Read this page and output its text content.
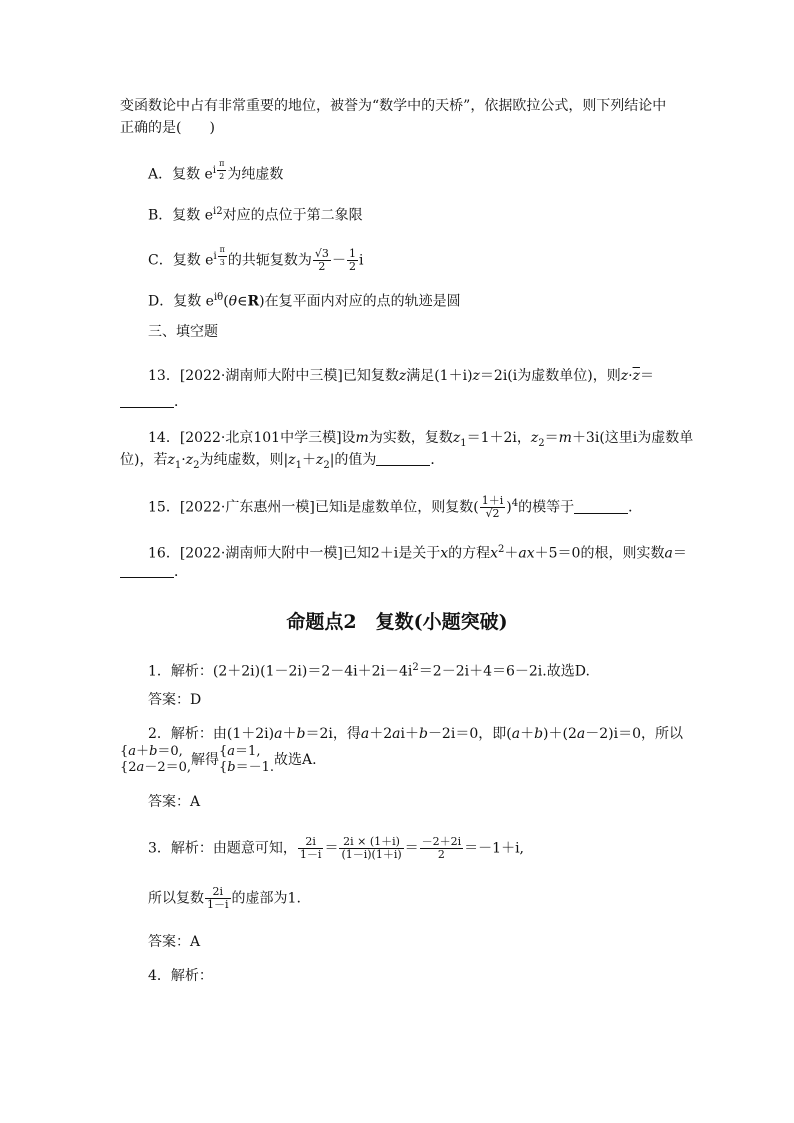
变函数论中占有非常重要的地位，被誉为“数学中的天桥”，依据欧拉公式，则下列结论中
正确的是(　　)
A．复数 $e^{i \frac{\pi}{2}}$ 为纯虚数
B．复数 $e^{i2}$对应的点位于第二象限
C．复数 $e^{i \frac{\pi}{3}}$ 的共轭复数为 $\frac{√3}{2} - \frac{1}{2}$ i
D．复数 $e^{i\theta}(\theta\in R)$在复平面内对应的点的轨迹是圆
三、填空题
13．[2022·湖南师大附中三模]已知复数z满足(1＋i)z＝2i(i为虚数单位)，则$z\cdot\overline{z}=$
．
14．[2022·北京101中学三模]设m为实数，复数$z_1=1+2i$，$z_2=m+3i$(这里i为虚数单
位)，若$z_1\cdot z_2$为纯虚数，则$|z_1+z_2|$的值为	．
15．[2022·广东惠州一模]已知i是虚数单位，则复数( $\frac{1+i}{√2} )^4$的模等于	．
16．[2022·湖南师大附中一模]已知2＋i是关于x的方程$x^2+ax+5=0$的根，则实数a＝
．
命题点2　复数(小题突破)
1．解析：$(2+2i)(1-2i)=2-4i+2i-4i^2=2-2i+4=6-2i$.故选D.
答案：D
2．解析：由(1＋2i)a＋b＝2i，得a＋2ai＋b－2i＝0，即(a＋b)＋(2a－2)i＝0，所以
{a＋b＝0,
{2a－2＝0,解得{a＝1,
{b＝－1.故选A.
答案：A
3．解析：由题意可知， $\frac{2i}{1-i} = \frac{2i \times (1+i)}{(1-i)(1+i)} = \frac{-2+2i}{2} =-1+i$,
所以复数 $\frac{2i}{1-i}$ 的虚部为1.
答案：A
4．解析：
